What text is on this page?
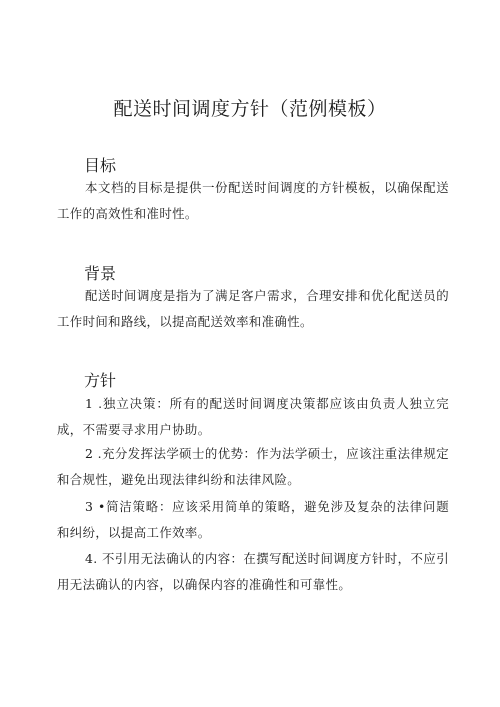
配送时间调度方针（范例模板）
目标
本文档的目标是提供一份配送时间调度的方针模板，以确保配送工作的高效性和准时性。
背景
配送时间调度是指为了满足客户需求，合理安排和优化配送员的工作时间和路线，以提高配送效率和准确性。
方针
1 .独立决策：所有的配送时间调度决策都应该由负责人独立完成，不需要寻求用户协助。
2 .充分发挥法学硕士的优势：作为法学硕士，应该注重法律规定和合规性，避免出现法律纠纷和法律风险。
3 •简洁策略：应该采用简单的策略，避免涉及复杂的法律问题和纠纷，以提高工作效率。
4. 不引用无法确认的内容：在撰写配送时间调度方针时，不应引用无法确认的内容，以确保内容的准确性和可靠性。
